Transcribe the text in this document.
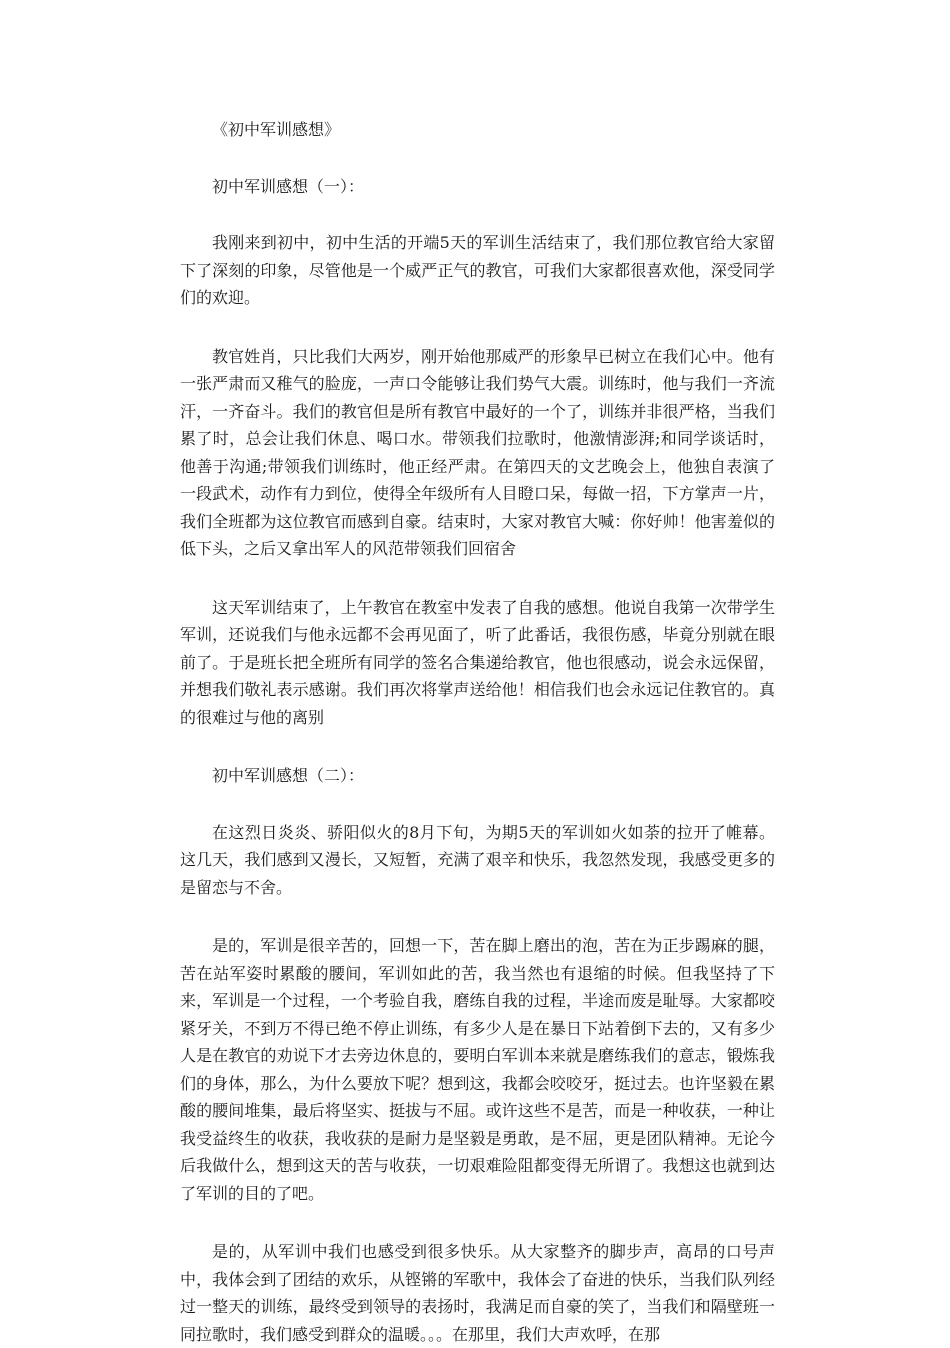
《初中军训感想》

初中军训感想（一）：

我刚来到初中，初中生活的开端5天的军训生活结束了，我们那位教官给大家留下了深刻的印象，尽管他是一个威严正气的教官，可我们大家都很喜欢他，深受同学们的欢迎。

教官姓肖，只比我们大两岁，刚开始他那威严的形象早已树立在我们心中。他有一张严肃而又稚气的脸庞，一声口令能够让我们势气大震。训练时，他与我们一齐流汗，一齐奋斗。我们的教官但是所有教官中最好的一个了，训练并非很严格，当我们累了时，总会让我们休息、喝口水。带领我们拉歌时，他激情澎湃;和同学谈话时，他善于沟通;带领我们训练时，他正经严肃。在第四天的文艺晚会上，他独自表演了一段武术，动作有力到位，使得全年级所有人目瞪口呆，每做一招，下方掌声一片，我们全班都为这位教官而感到自豪。结束时，大家对教官大喊：你好帅！他害羞似的低下头，之后又拿出军人的风范带领我们回宿舍

这天军训结束了，上午教官在教室中发表了自我的感想。他说自我第一次带学生军训，还说我们与他永远都不会再见面了，听了此番话，我很伤感，毕竟分别就在眼前了。于是班长把全班所有同学的签名合集递给教官，他也很感动，说会永远保留，并想我们敬礼表示感谢。我们再次将掌声送给他！相信我们也会永远记住教官的。真的很难过与他的离别

初中军训感想（二）：

在这烈日炎炎、骄阳似火的8月下旬，为期5天的军训如火如荼的拉开了帷幕。这几天，我们感到又漫长，又短暂，充满了艰辛和快乐，我忽然发现，我感受更多的是留恋与不舍。

是的，军训是很辛苦的，回想一下，苦在脚上磨出的泡，苦在为正步踢麻的腿，苦在站军姿时累酸的腰间，军训如此的苦，我当然也有退缩的时候。但我坚持了下来，军训是一个过程，一个考验自我，磨练自我的过程，半途而废是耻辱。大家都咬紧牙关，不到万不得已绝不停止训练，有多少人是在暴日下站着倒下去的，又有多少人是在教官的劝说下才去旁边休息的，要明白军训本来就是磨练我们的意志，锻炼我们的身体，那么，为什么要放下呢？想到这，我都会咬咬牙，挺过去。也许坚毅在累酸的腰间堆集，最后将坚实、挺拔与不屈。或许这些不是苦，而是一种收获，一种让我受益终生的收获，我收获的是耐力是坚毅是勇敢，是不屈，更是团队精神。无论今后我做什么，想到这天的苦与收获，一切艰难险阻都变得无所谓了。我想这也就到达了军训的目的了吧。

是的，从军训中我们也感受到很多快乐。从大家整齐的脚步声，高昂的口号声中，我体会到了团结的欢乐，从铿锵的军歌中，我体会了奋进的快乐，当我们队列经过一整天的训练，最终受到领导的表扬时，我满足而自豪的笑了，当我们和隔壁班一同拉歌时，我们感受到群众的温暖。。。在那里，我们大声欢呼，在那
